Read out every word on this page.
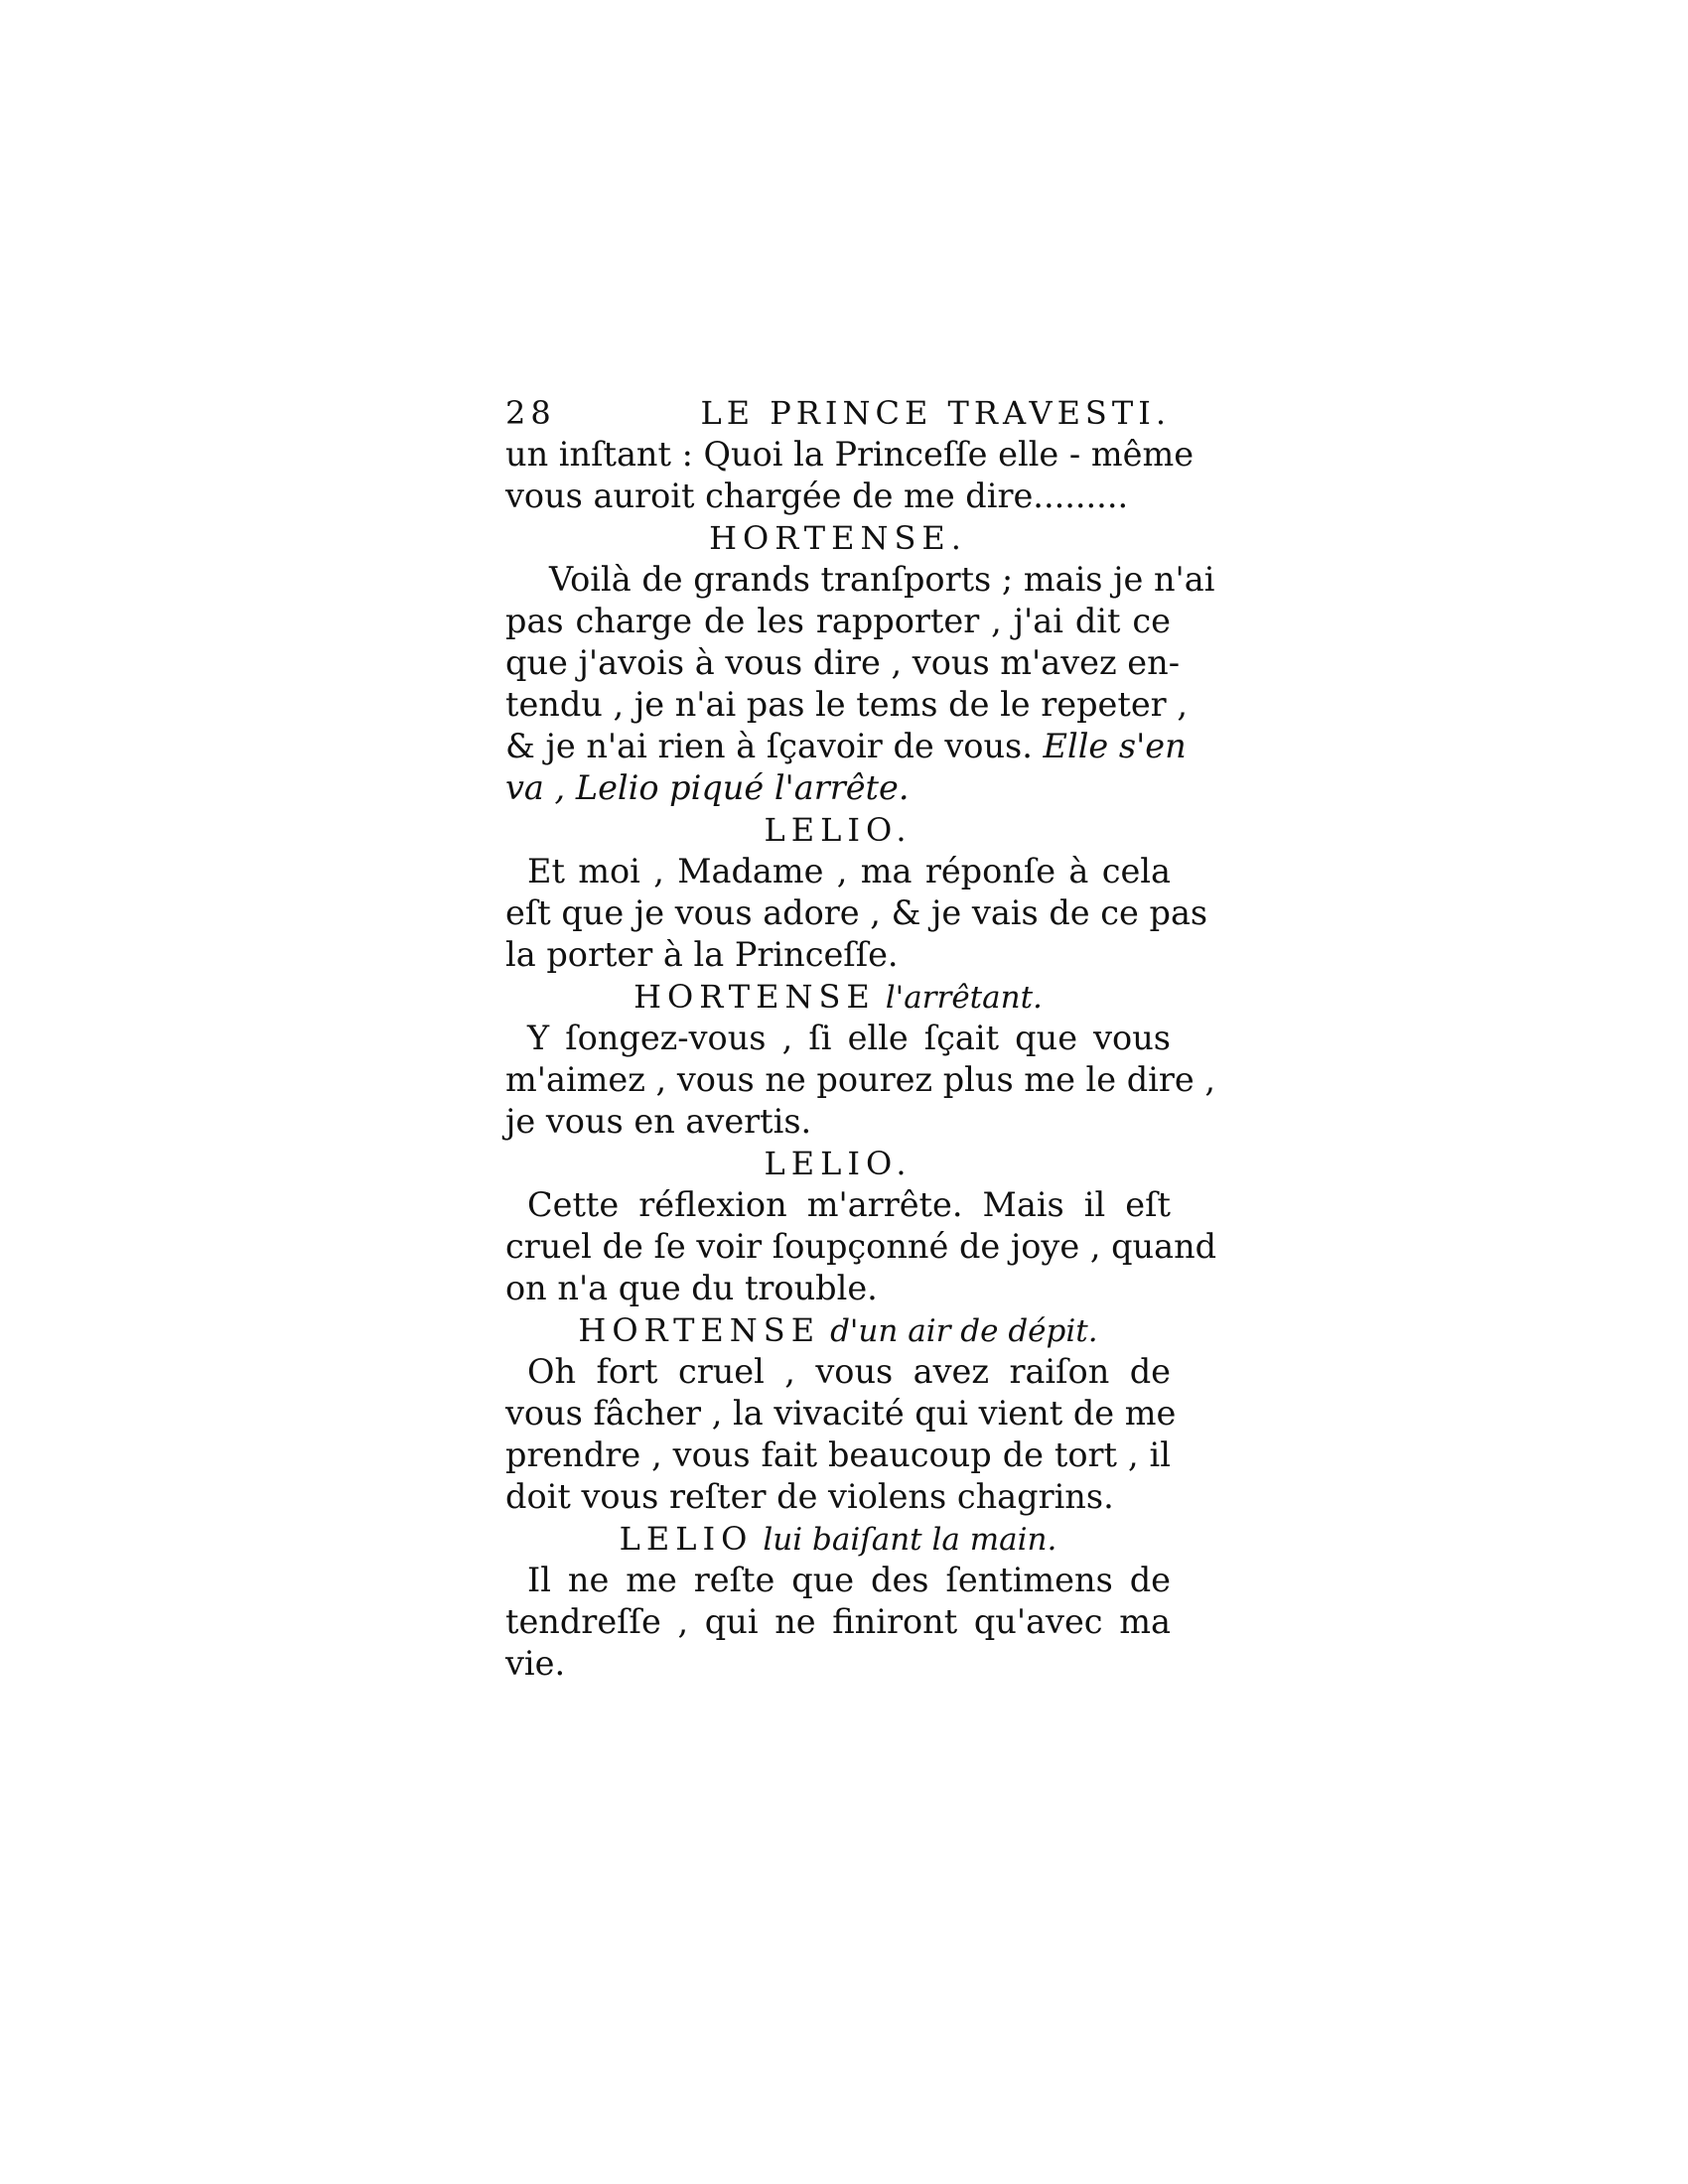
28	LE PRINCE TRAVESTI.
un inſtant : Quoi la Princeſſe elle - même
vous auroit chargée de me dire.........
HORTENSE.
Voilà de grands tranſports ; mais je n'ai
pas charge de les rapporter , j'ai dit ce
que j'avois à vous dire , vous m'avez en-
tendu , je n'ai pas le tems de le repeter ,
& je n'ai rien à ſçavoir de vous. Elle s'en
va , Lelio piqué l'arrête.
LELIO.
Et moi , Madame , ma réponſe à cela
eſt que je vous adore , & je vais de ce pas
la porter à la Princeſſe.
HORTENSE l'arrêtant.
Y ſongez-vous , ſi elle ſçait que vous
m'aimez , vous ne pourez plus me le dire ,
je vous en avertis.
LELIO.
Cette réflexion m'arrête. Mais il eſt
cruel de ſe voir ſoupçonné de joye , quand
on n'a que du trouble.
HORTENSE d'un air de dépit.
Oh fort cruel , vous avez raiſon de
vous fâcher , la vivacité qui vient de me
prendre , vous fait beaucoup de tort , il
doit vous reſter de violens chagrins.
LELIO lui baiſant la main.
Il ne me reſte que des ſentimens de
tendreſſe , qui ne finiront qu'avec ma
vie.
